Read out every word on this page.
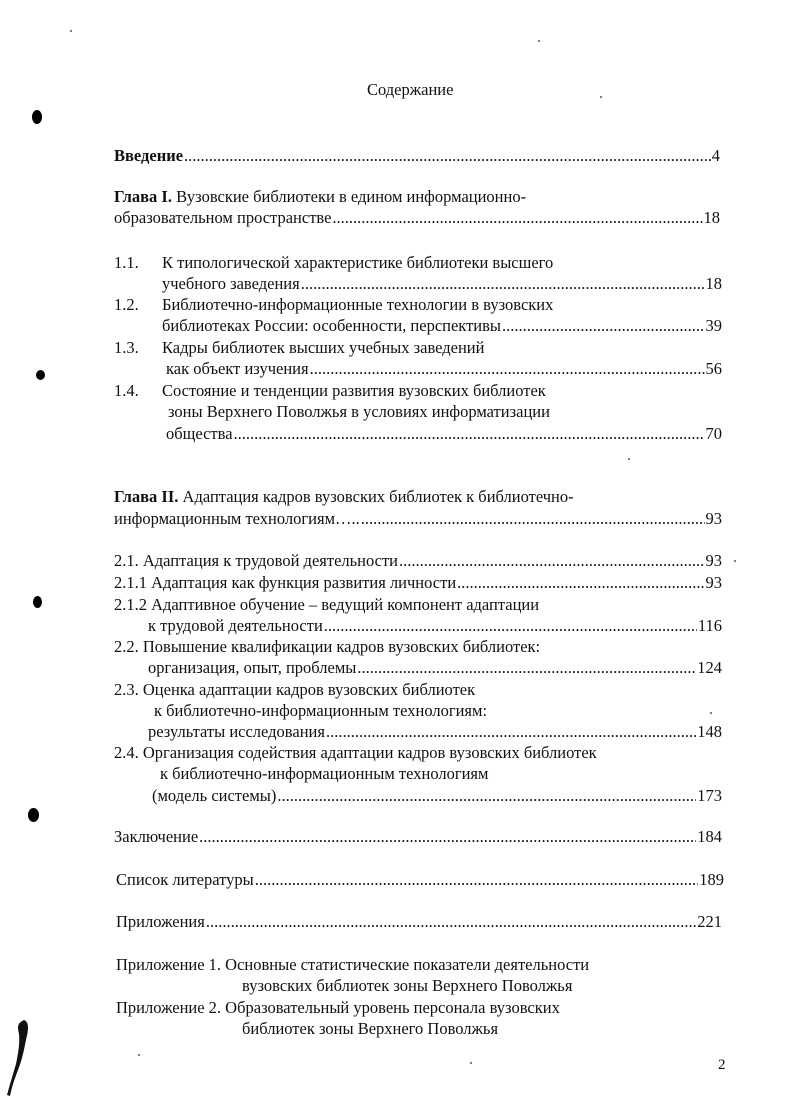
Содержание
Введение .....	4
Глава I. Вузовские библиотеки в едином информационно-
образовательном пространстве .....	18
1.1. К типологической характеристике библиотеки высшего
учебного заведения .....	18
1.2. Библиотечно-информационные технологии в вузовских
библиотеках России: особенности, перспективы .....	39
1.3. Кадры библиотек высших учебных заведений
как объект изучения .....	56
1.4. Состояние и тенденции развития вузовских библиотек
зоны Верхнего Поволжья в условиях информатизации
общества .....	70
Глава II. Адаптация кадров вузовских библиотек к библиотечно-
информационным технологиям….. .....	93
2.1. Адаптация к трудовой деятельности .....	93
2.1.1 Адаптация как функция развития личности .....	93
2.1.2 Адаптивное обучение – ведущий компонент адаптации
к трудовой деятельности .....	116
2.2. Повышение квалификации кадров вузовских библиотек:
организация, опыт, проблемы .....	124
2.3. Оценка адаптации кадров вузовских библиотек
к библиотечно-информационным технологиям:
результаты исследования .....	148
2.4. Организация содействия адаптации кадров вузовских библиотек
к библиотечно-информационным технологиям
(модель системы) .....	173
Заключение .....	184
Список литературы .....	189
Приложения .....	221
Приложение 1. Основные статистические показатели деятельности
вузовских библиотек зоны Верхнего Поволжья
Приложение 2. Образовательный уровень персонала вузовских
библиотек зоны Верхнего Поволжья
2
